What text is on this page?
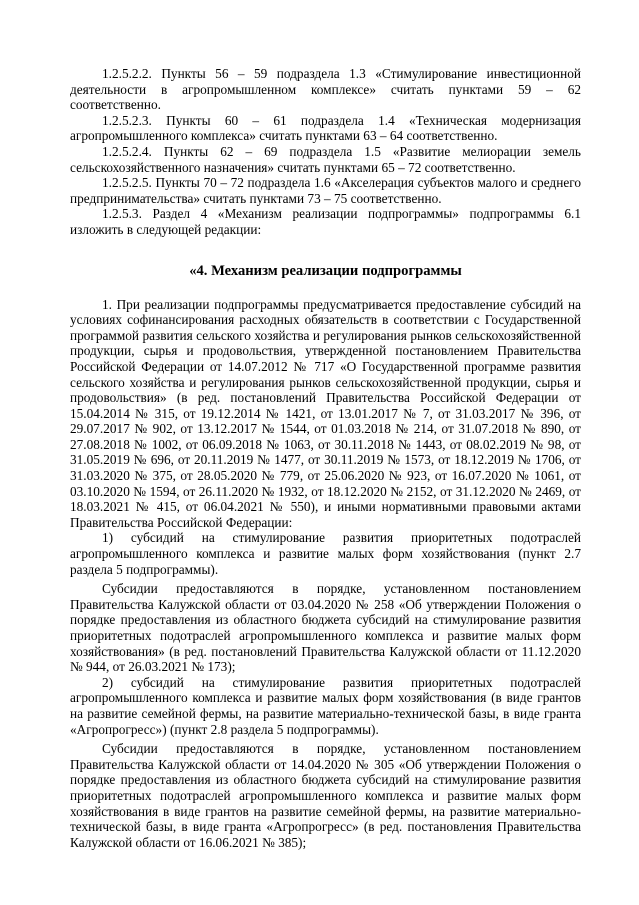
1.2.5.2.2. Пункты 56 – 59 подраздела 1.3 «Стимулирование инвестиционной деятельности в агропромышленном комплексе» считать пунктами 59 – 62 соответственно.

1.2.5.2.3. Пункты 60 – 61 подраздела 1.4 «Техническая модернизация агропромышленного комплекса» считать пунктами 63 – 64 соответственно.

1.2.5.2.4. Пункты 62 – 69 подраздела 1.5 «Развитие мелиорации земель сельскохозяйственного назначения» считать пунктами 65 – 72 соответственно.

1.2.5.2.5. Пункты 70 – 72 подраздела 1.6 «Акселерация субъектов малого и среднего предпринимательства» считать пунктами 73 – 75 соответственно.

1.2.5.3. Раздел 4 «Механизм реализации подпрограммы» подпрограммы 6.1 изложить в следующей редакции:

«4. Механизм реализации подпрограммы

1. При реализации подпрограммы предусматривается предоставление субсидий на условиях софинансирования расходных обязательств в соответствии с Государственной программой развития сельского хозяйства и регулирования рынков сельскохозяйственной продукции, сырья и продовольствия, утвержденной постановлением Правительства Российской Федерации от 14.07.2012 № 717 «О Государственной программе развития сельского хозяйства и регулирования рынков сельскохозяйственной продукции, сырья и продовольствия» (в ред. постановлений Правительства Российской Федерации от 15.04.2014 № 315, от 19.12.2014 № 1421, от 13.01.2017 № 7, от 31.03.2017 № 396, от 29.07.2017 № 902, от 13.12.2017 № 1544, от 01.03.2018 № 214, от 31.07.2018 № 890, от 27.08.2018 № 1002, от 06.09.2018 № 1063, от 30.11.2018 № 1443, от 08.02.2019 № 98, от 31.05.2019 № 696, от 20.11.2019 № 1477, от 30.11.2019 № 1573, от 18.12.2019 № 1706, от 31.03.2020 № 375, от 28.05.2020 № 779, от 25.06.2020 № 923, от 16.07.2020 № 1061, от 03.10.2020 № 1594, от 26.11.2020 № 1932, от 18.12.2020 № 2152, от 31.12.2020 № 2469, от 18.03.2021 № 415, от 06.04.2021 № 550), и иными нормативными правовыми актами Правительства Российской Федерации:

1) субсидий на стимулирование развития приоритетных подотраслей агропромышленного комплекса и развитие малых форм хозяйствования (пункт 2.7 раздела 5 подпрограммы).

Субсидии предоставляются в порядке, установленном постановлением Правительства Калужской области от 03.04.2020 № 258 «Об утверждении Положения о порядке предоставления из областного бюджета субсидий на стимулирование развития приоритетных подотраслей агропромышленного комплекса и развитие малых форм хозяйствования» (в ред. постановлений Правительства Калужской области от 11.12.2020 № 944, от 26.03.2021 № 173);

2) субсидий на стимулирование развития приоритетных подотраслей агропромышленного комплекса и развитие малых форм хозяйствования (в виде грантов на развитие семейной фермы, на развитие материально-технической базы, в виде гранта «Агропрогресс») (пункт 2.8 раздела 5 подпрограммы).

Субсидии предоставляются в порядке, установленном постановлением Правительства Калужской области от 14.04.2020 № 305 «Об утверждении Положения о порядке предоставления из областного бюджета субсидий на стимулирование развития приоритетных подотраслей агропромышленного комплекса и развитие малых форм хозяйствования в виде грантов на развитие семейной фермы, на развитие материально-технической базы, в виде гранта «Агропрогресс» (в ред. постановления Правительства Калужской области от 16.06.2021 № 385);
